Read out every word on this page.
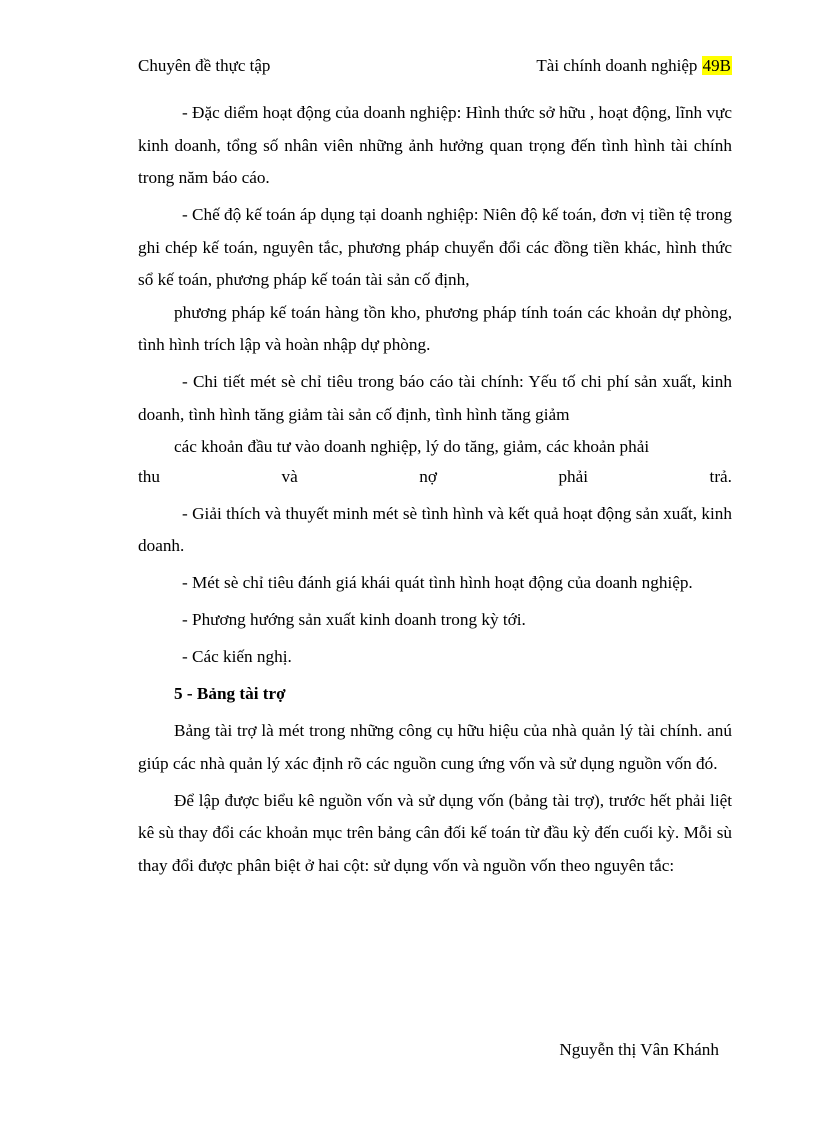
Chuyên đề thực tập	Tài chính doanh nghiệp 49B

- Đặc diểm hoạt động của doanh nghiệp: Hình thức sở hữu , hoạt động, lĩnh vực kinh doanh, tổng số nhân viên những ảnh hưởng quan trọng đến tình hình tài chính trong năm báo cáo.

- Chế độ kế toán áp dụng tại doanh nghiệp: Niên độ kế toán, đơn vị tiền tệ trong ghi chép kế toán, nguyên tắc, phương pháp chuyển đổi các đồng tiền khác, hình thức sổ kế toán, phương pháp kế toán tài sản cố định,

phương pháp kế toán hàng tồn kho, phương pháp tính toán các khoản dự phòng, tình hình trích lập và hoàn nhập dự phòng.

- Chi tiết mét sè chỉ tiêu trong báo cáo tài chính: Yếu tố chi phí sản xuất, kinh doanh, tình hình tăng giảm tài sản cố định, tình hình tăng giảm

các khoản đầu tư vào doanh nghiệp, lý do tăng, giảm, các khoản phải

thu	và	nợ	phải	trả.

- Giải thích và thuyết minh mét sè tình hình và kết quả hoạt động sản xuất, kinh doanh.

- Mét sè chỉ tiêu đánh giá khái quát tình hình hoạt động của doanh nghiệp.

- Phương hướng sản xuất kinh doanh trong kỳ tới.

- Các kiến nghị.

5 - Bảng tài trợ

Bảng tài trợ là mét trong những công cụ hữu hiệu của nhà quản lý tài chính. anú giúp các nhà quản lý xác định rõ các nguồn cung ứng vốn và sử dụng nguồn vốn đó.

Để lập được biểu kê nguồn vốn và sử dụng vốn (bảng tài trợ), trước hết phải liệt kê sù thay đổi các khoản mục trên bảng cân đối kế toán từ đầu kỳ đến cuối kỳ. Mỗi sù thay đổi được phân biệt ở hai cột: sử dụng vốn và nguồn vốn theo nguyên tắc:

Nguyễn thị Vân Khánh
